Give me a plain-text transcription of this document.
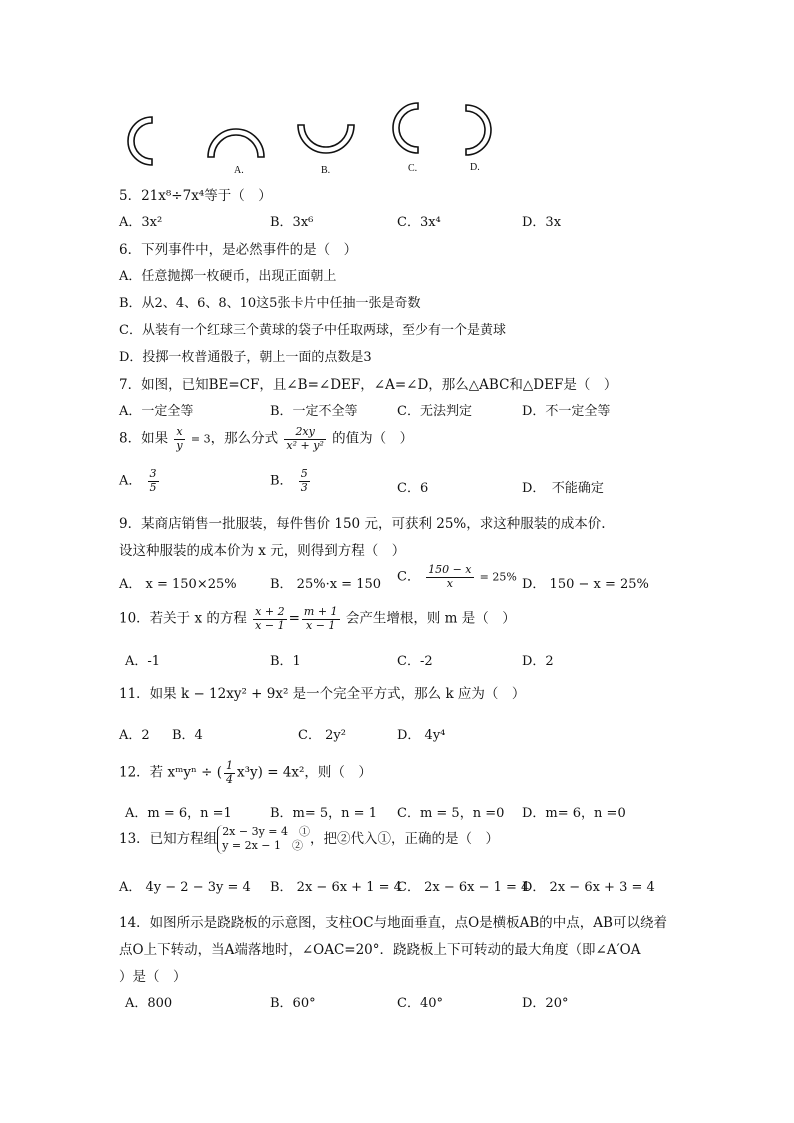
A.	B.	C.	D.
5．21x⁸÷7x⁴等于（　）
A．3x²	B．3x⁶	C．3x⁴	D．3x
6．下列事件中，是必然事件的是（　）
A．任意抛掷一枚硬币，出现正面朝上
B．从2、4、6、8、10这5张卡片中任抽一张是奇数
C．从装有一个红球三个黄球的袋子中任取两球，至少有一个是黄球
D．投掷一枚普通骰子，朝上一面的点数是3
7．如图，已知BE=CF，且∠B=∠DEF，∠A=∠D，那么△ABC和△DEF是（　）
A．一定全等	B．一定不全等	C．无法判定	D．不一定全等
8．如果 $\frac{x}{y} = 3$，那么分式 $\frac{2xy}{\text{x² + y²}}$ 的值为（　）
A． $\frac{3}{5}$	B． $\frac{5}{3}$	C．6	D．　不能确定
9．某商店销售一批服装，每件售价 150 元，可获利 25%，求这种服装的成本价.
设这种服装的成本价为 x 元，则得到方程（　）
A． x = 150×25%	B． 25%·x = 150 C． $\frac{150 - x}{x} = 25\%$ D． 150 − x = 25%
10．若关于 x 的方程 $\frac{x + 2}{x - 1} = \frac{m + 1}{x - 1}$ 会产生增根，则 m 是（　）
A．-1	B．1	C．-2	D．2
11．如果 k − 12xy² + 9x² 是一个完全平方式，那么 k 应为（　）
A．2 B．4	C． 2y²	D． 4y⁴
12．若 xᵐyⁿ ÷ ( $\frac{1}{4} x^3y) = 4x^2$，则（　）
A．m = 6，n =1	B．m= 5，n = 1 C．m = 5，n =0 D．m= 6，n =0
13．已知方程组 2x − 3y = 4　①
y = 2x − 1　② ，把②代入①，正确的是（　）
A． 4y − 2 − 3y = 4 B． 2x − 6x + 1 = 4
C． 2x − 6x − 1 = 4
D． 2x − 6x + 3 = 4
14．如图所示是跷跷板的示意图，支柱OC与地面垂直，点O是横板AB的中点，AB可以绕着
点O上下转动，当A端落地时，∠OAC=20°．跷跷板上下可转动的最大角度（即∠A′OA
）是（　）
A．800	B．60°	C．40°	D．20°
